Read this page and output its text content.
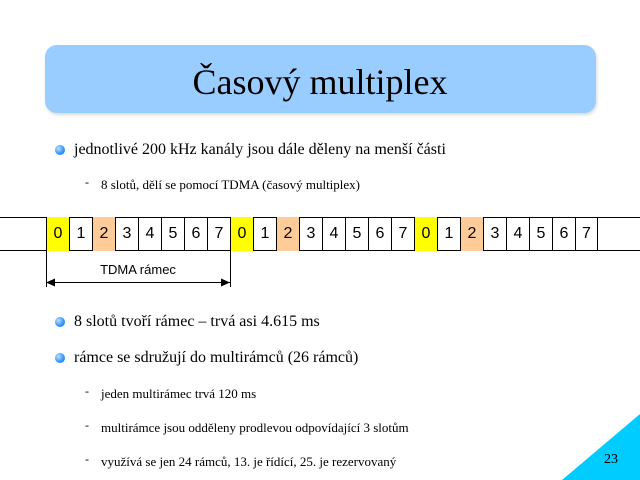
Časový multiplex
jednotlivé 200 kHz kanály jsou dále děleny na menší části
- 8 slotů, dělí se pomocí TDMA (časový multiplex)
0 1 2 3 4 5 6 7 0 1 2 3 4 5 6 7 0 1 2 3 4 5 6 7
TDMA rámec
8 slotů tvoří rámec – trvá asi 4.615 ms
rámce se sdružují do multirámců (26 rámců)
- jeden multirámec trvá 120 ms
- multirámce jsou odděleny prodlevou odpovídající 3 slotům
- využívá se jen 24 rámců, 13. je řídící, 25. je rezervovaný	23
